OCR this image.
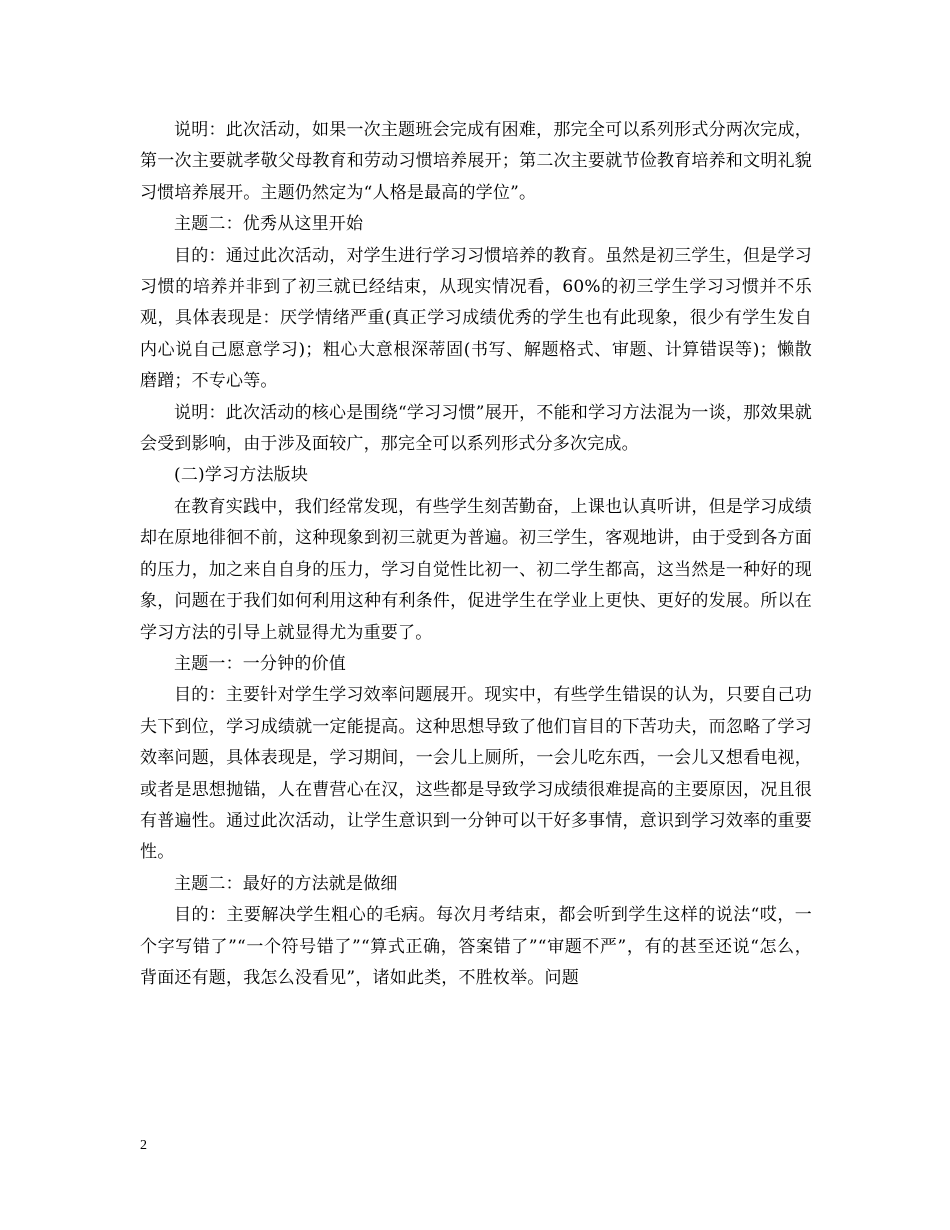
说明：此次活动，如果一次主题班会完成有困难，那完全可以系列形式分两次完成，第一次主要就孝敬父母教育和劳动习惯培养展开；第二次主要就节俭教育培养和文明礼貌习惯培养展开。主题仍然定为“人格是最高的学位”。

主题二：优秀从这里开始

目的：通过此次活动，对学生进行学习习惯培养的教育。虽然是初三学生，但是学习习惯的培养并非到了初三就已经结束，从现实情况看，60%的初三学生学习习惯并不乐观，具体表现是：厌学情绪严重(真正学习成绩优秀的学生也有此现象，很少有学生发自内心说自己愿意学习)；粗心大意根深蒂固(书写、解题格式、审题、计算错误等)；懒散磨蹭；不专心等。

说明：此次活动的核心是围绕“学习习惯”展开，不能和学习方法混为一谈，那效果就会受到影响，由于涉及面较广，那完全可以系列形式分多次完成。

(二)学习方法版块

在教育实践中，我们经常发现，有些学生刻苦勤奋，上课也认真听讲，但是学习成绩却在原地徘徊不前，这种现象到初三就更为普遍。初三学生，客观地讲，由于受到各方面的压力，加之来自自身的压力，学习自觉性比初一、初二学生都高，这当然是一种好的现象，问题在于我们如何利用这种有利条件，促进学生在学业上更快、更好的发展。所以在学习方法的引导上就显得尤为重要了。

主题一：一分钟的价值

目的：主要针对学生学习效率问题展开。现实中，有些学生错误的认为，只要自己功夫下到位，学习成绩就一定能提高。这种思想导致了他们盲目的下苦功夫，而忽略了学习效率问题，具体表现是，学习期间，一会儿上厕所，一会儿吃东西，一会儿又想看电视，或者是思想抛锚，人在曹营心在汉，这些都是导致学习成绩很难提高的主要原因，况且很有普遍性。通过此次活动，让学生意识到一分钟可以干好多事情，意识到学习效率的重要性。

主题二：最好的方法就是做细

目的：主要解决学生粗心的毛病。每次月考结束，都会听到学生这样的说法“哎，一个字写错了”“一个符号错了”“算式正确，答案错了”“审题不严”，有的甚至还说“怎么，背面还有题，我怎么没看见”，诸如此类，不胜枚举。问题

2
